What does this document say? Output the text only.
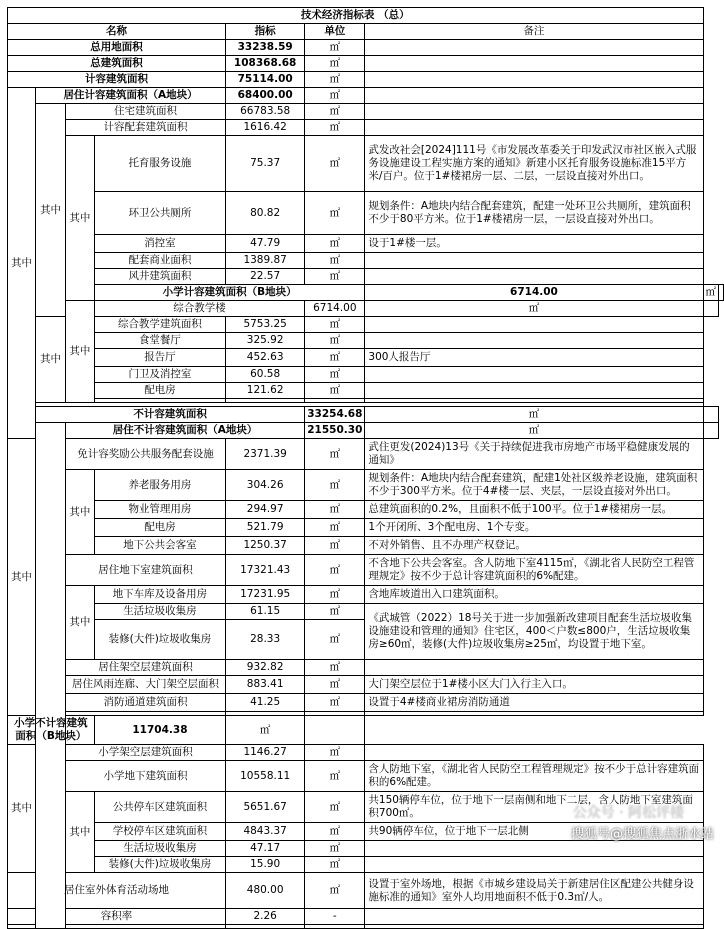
技术经济指标表 （总）								
名称				指标	单位	备注		
总用地面积				33238.59	㎡			
总建筑面积				108368.68	㎡			
计容建筑面积				75114.00	㎡			
其中	居住计容建筑面积（A地块）			68400.00	㎡			
	其中	住宅建筑面积		66783.58	㎡			
		计容配套建筑面积		1616.42	㎡			
		其中	托育服务设施	75.37	㎡	武发改社会[2024]111号《市发展改革委关于印发武汉市社区嵌入式服务设施建设工程实施方案的通知》新建小区托育服务设施标准15平方米/百户。位于1#楼裙房一层、二层，一层设直接对外出口。		
			环卫公共厕所	80.82	㎡	规划条件：A地块内结合配套建筑，配建一处环卫公共厕所，建筑面积不少于80平方米。位于1#楼裙房一层，一层设直接对外出口。		
			消控室	47.79	㎡	设于1#楼一层。		
			配套商业面积	1389.87	㎡			
			风井建筑面积	22.57	㎡			
			小学计容建筑面积（B地块）			6714.00	㎡	
		其中	综合教学楼		6714.00	㎡		
	其中		综合教学建筑面积	5753.25	㎡			
			食堂餐厅	325.92	㎡			
			报告厅	452.63	㎡	300人报告厅		
			门卫及消控室	60.58	㎡			
			配电房	121.62	㎡			

	不计容建筑面积				33254.68	㎡		
		居住不计容建筑面积（A地块）			21550.30	㎡		
其中		免计容奖励公共服务配套设施		2371.39	㎡	武住更发(2024)13号《关于持续促进我市房地产市场平稳健康发展的通知》		
		其中	养老服务用房	304.26	㎡	规划条件：A地块内结合配套建筑，配建1处社区级养老设施，建筑面积不少于300平方米。位于4#楼一层、夹层，一层设直接对外出口。		
			物业管理用房	294.97	㎡	总建筑面积的0.2%，且面积不低于100平。位于1#楼裙房一层。		
			配电房	521.79	㎡	1个开闭所、3个配电房、1个专变。		
			地下公共会客室	1250.37	㎡	不对外销售、且不办理产权登记。		
		居住地下室建筑面积		17321.43	㎡	不含地下公共会客室。含人防地下室4115㎡，《湖北省人民防空工程管理规定》按不少于总计容建筑面积的6%配建。		
		其中	地下车库及设备用房	17231.95	㎡	含地库坡道出入口建筑面积。		
			生活垃圾收集房	61.15	㎡	《武城管（2022）18号关于进一步加强新改建项目配套生活垃圾收集设施建设和管理的通知》住宅区，400＜户数≤800户，生活垃圾收集房≥60㎡，装修(大件)垃圾收集房≥25㎡，均设置于地下室。		
			装修(大件)垃圾收集房	28.33	㎡			
		居住架空层建筑面积		932.82	㎡			
		居住风雨连廊、大门架空层面积		883.41	㎡	大门架空层位于1#楼小区大门入行主入口。		
		消防通道建筑面积		41.25	㎡	设置于4#楼商业裙房消防通道		

小学不计容建筑面积（B地块）			11704.38	㎡				
其中		小学架空层建筑面积		1146.27	㎡			
		小学地下建筑面积		10558.11	㎡	含人防地下室，《湖北省人民防空工程管理规定》按不少于总计容建筑面积的6%配建。		
		其中	公共停车区建筑面积	5651.67	㎡	共150辆停车位，位于地下一层南侧和地下二层，含人防地下室建筑面积700㎡。		
			学校停车区建筑面积	4843.37	㎡	共90辆停车位，位于地下一层北侧		
			生活垃圾收集房	47.17	㎡			
			装修(大件)垃圾收集房	15.90	㎡			
居住室外体育活动场地				480.00	㎡	设置于室外场地，根据《市城乡建设局关于新建居住区配建公共健身设施标准的通知》室外人均用地面积不低于0.3㎡/人。		
容积率				2.26	-			

公众号 · 阿松评楼
搜狐号@搜狐焦点浙水站
